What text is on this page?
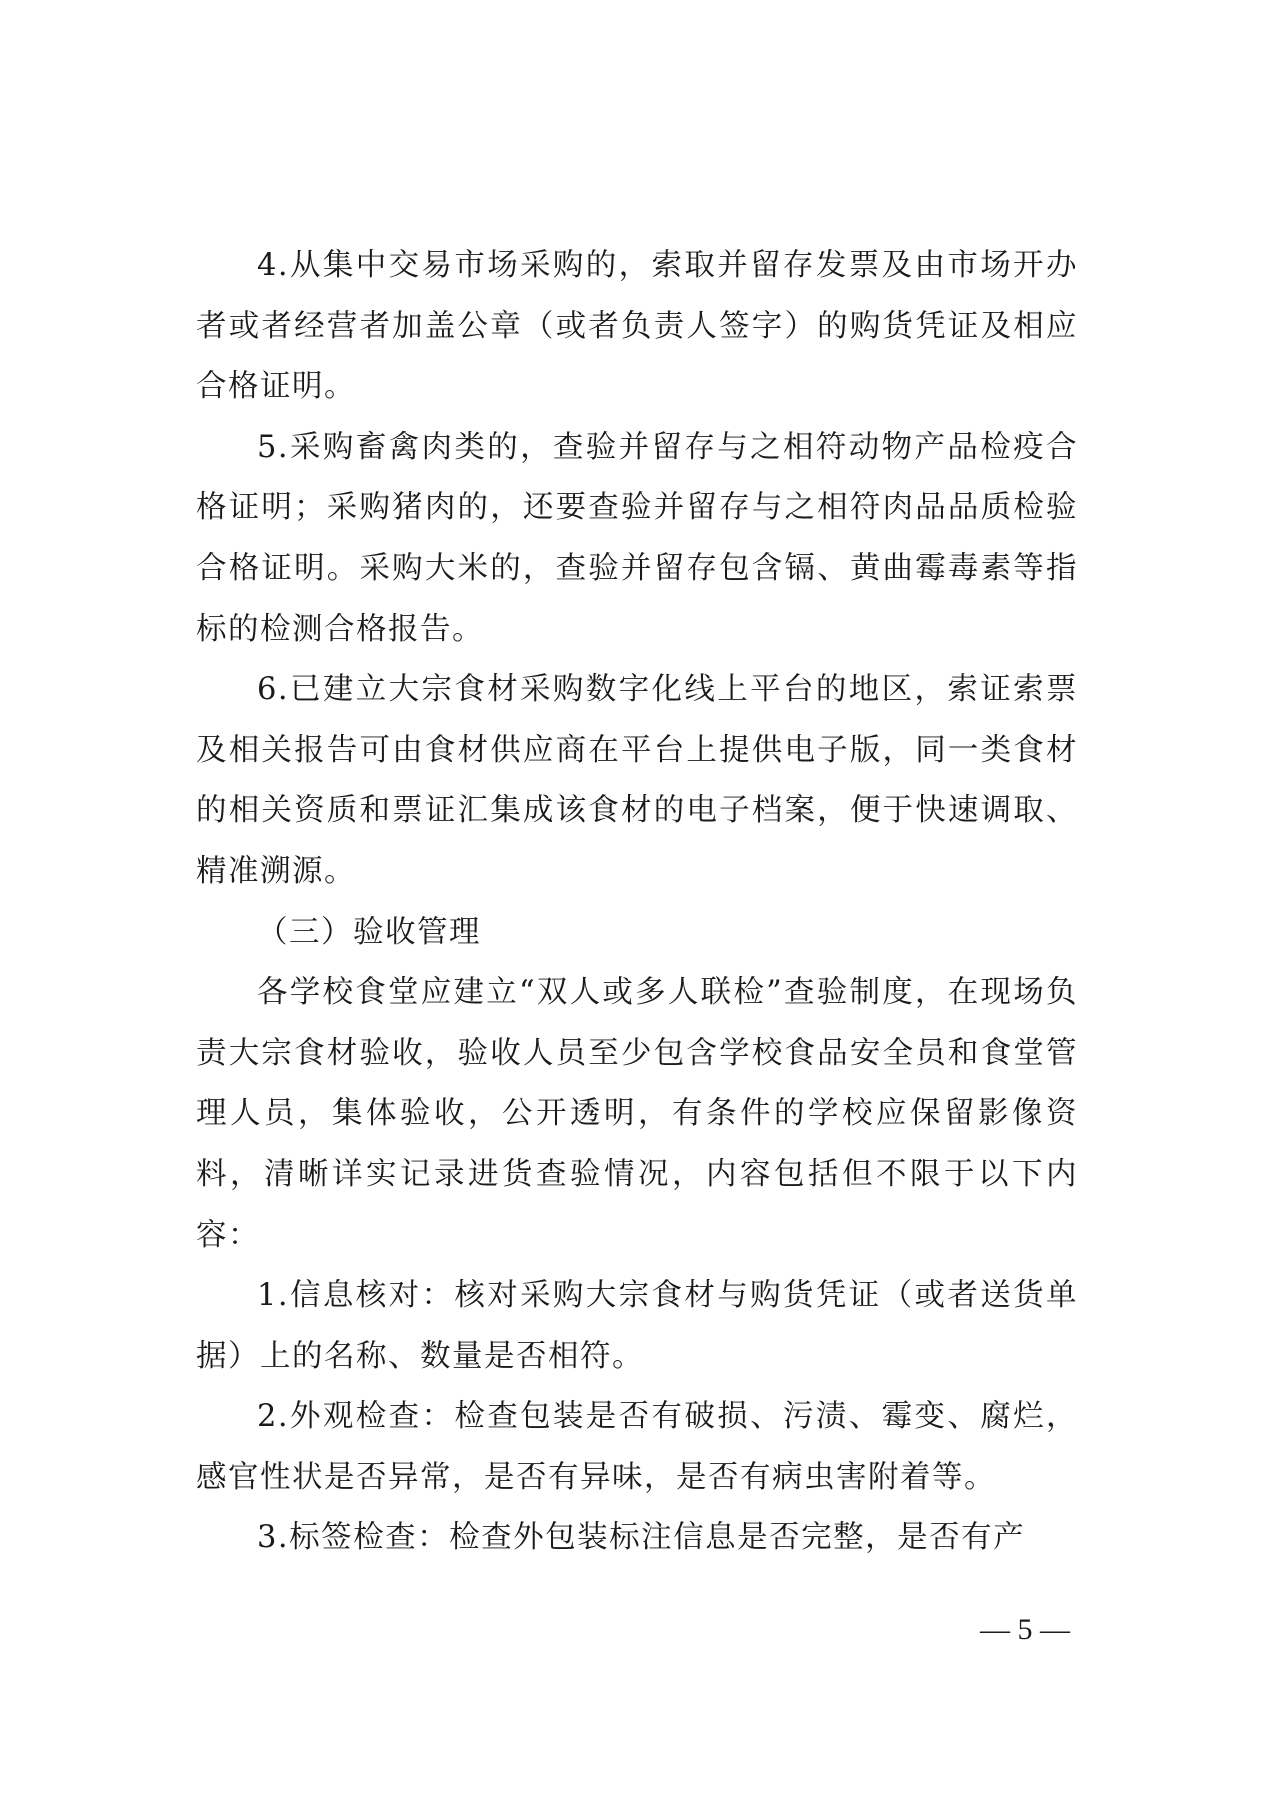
4.从集中交易市场采购的，索取并留存发票及由市场开办者或者经营者加盖公章（或者负责人签字）的购货凭证及相应合格证明。

5.采购畜禽肉类的，查验并留存与之相符动物产品检疫合格证明；采购猪肉的，还要查验并留存与之相符肉品品质检验合格证明。采购大米的，查验并留存包含镉、黄曲霉毒素等指标的检测合格报告。

6.已建立大宗食材采购数字化线上平台的地区，索证索票及相关报告可由食材供应商在平台上提供电子版，同一类食材的相关资质和票证汇集成该食材的电子档案，便于快速调取、精准溯源。

（三）验收管理

各学校食堂应建立“双人或多人联检”查验制度，在现场负责大宗食材验收，验收人员至少包含学校食品安全员和食堂管理人员，集体验收，公开透明，有条件的学校应保留影像资料，清晰详实记录进货查验情况，内容包括但不限于以下内容：

1.信息核对：核对采购大宗食材与购货凭证（或者送货单据）上的名称、数量是否相符。

2.外观检查：检查包装是否有破损、污渍、霉变、腐烂，感官性状是否异常，是否有异味，是否有病虫害附着等。

3.标签检查：检查外包装标注信息是否完整，是否有产

— 5 —
